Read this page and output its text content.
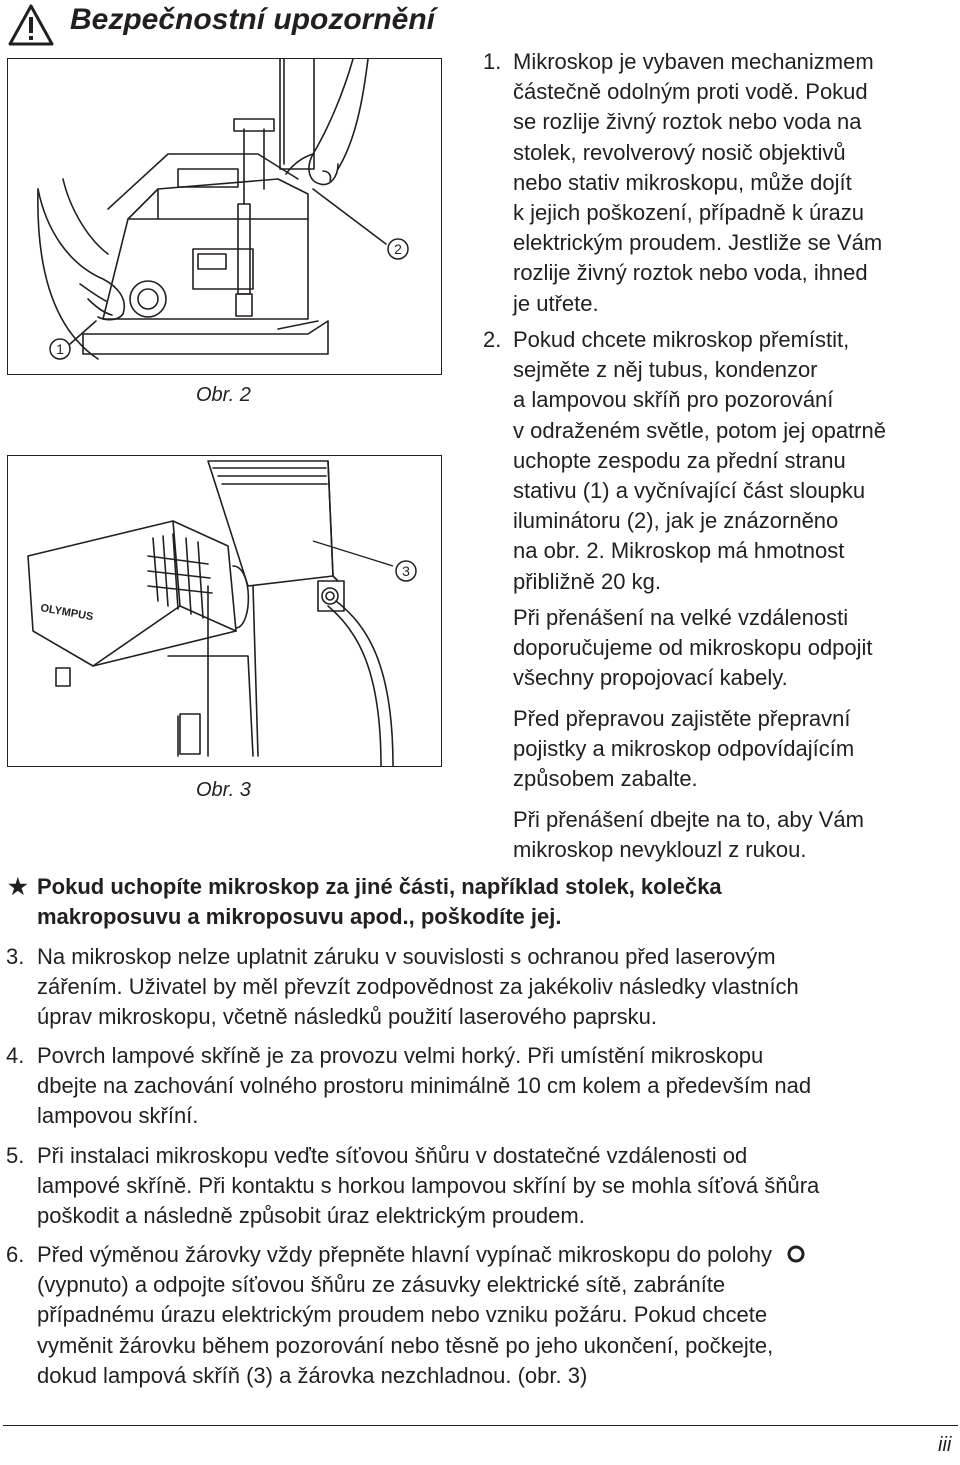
Bezpečnostní upozornění
1
2
Obr. 2
OLYMPUS
3
Obr. 3
1. Mikroskop je vybaven mechanizmem
částečně odolným proti vodě. Pokud
se rozlije živný roztok nebo voda na
stolek, revolverový nosič objektivů
nebo stativ mikroskopu, může dojít
k jejich poškození, případně k úrazu
elektrickým proudem. Jestliže se Vám
rozlije živný roztok nebo voda, ihned
je utřete.
2. Pokud chcete mikroskop přemístit,
sejměte z něj tubus, kondenzor
a lampovou skříň pro pozorování
v odraženém světle, potom jej opatrně
uchopte zespodu za přední stranu
stativu (1) a vyčnívající část sloupku
iluminátoru (2), jak je znázorněno
na obr. 2. Mikroskop má hmotnost
přibližně 20 kg.
Při přenášení na velké vzdálenosti
doporučujeme od mikroskopu odpojit
všechny propojovací kabely.
Před přepravou zajistěte přepravní
pojistky a mikroskop odpovídajícím
způsobem zabalte.
Při přenášení dbejte na to, aby Vám
mikroskop nevyklouzl z rukou.
★ Pokud uchopíte mikroskop za jiné části, například stolek, kolečka
makroposuvu a mikroposuvu apod., poškodíte jej.
3. Na mikroskop nelze uplatnit záruku v souvislosti s ochranou před laserovým
zářením. Uživatel by měl převzít zodpovědnost za jakékoliv následky vlastních
úprav mikroskopu, včetně následků použití laserového paprsku.
4. Povrch lampové skříně je za provozu velmi horký. Při umístění mikroskopu
dbejte na zachování volného prostoru minimálně 10 cm kolem a především nad
lampovou skříní.
5. Při instalaci mikroskopu veďte síťovou šňůru v dostatečné vzdálenosti od
lampové skříně. Při kontaktu s horkou lampovou skříní by se mohla síťová šňůra
poškodit a následně způsobit úraz elektrickým proudem.
6. Před výměnou žárovky vždy přepněte hlavní vypínač mikroskopu do polohy
(vypnuto) a odpojte síťovou šňůru ze zásuvky elektrické sítě, zabráníte
případnému úrazu elektrickým proudem nebo vzniku požáru. Pokud chcete
vyměnit žárovku během pozorování nebo těsně po jeho ukončení, počkejte,
dokud lampová skříň (3) a žárovka nezchladnou. (obr. 3)
iii
